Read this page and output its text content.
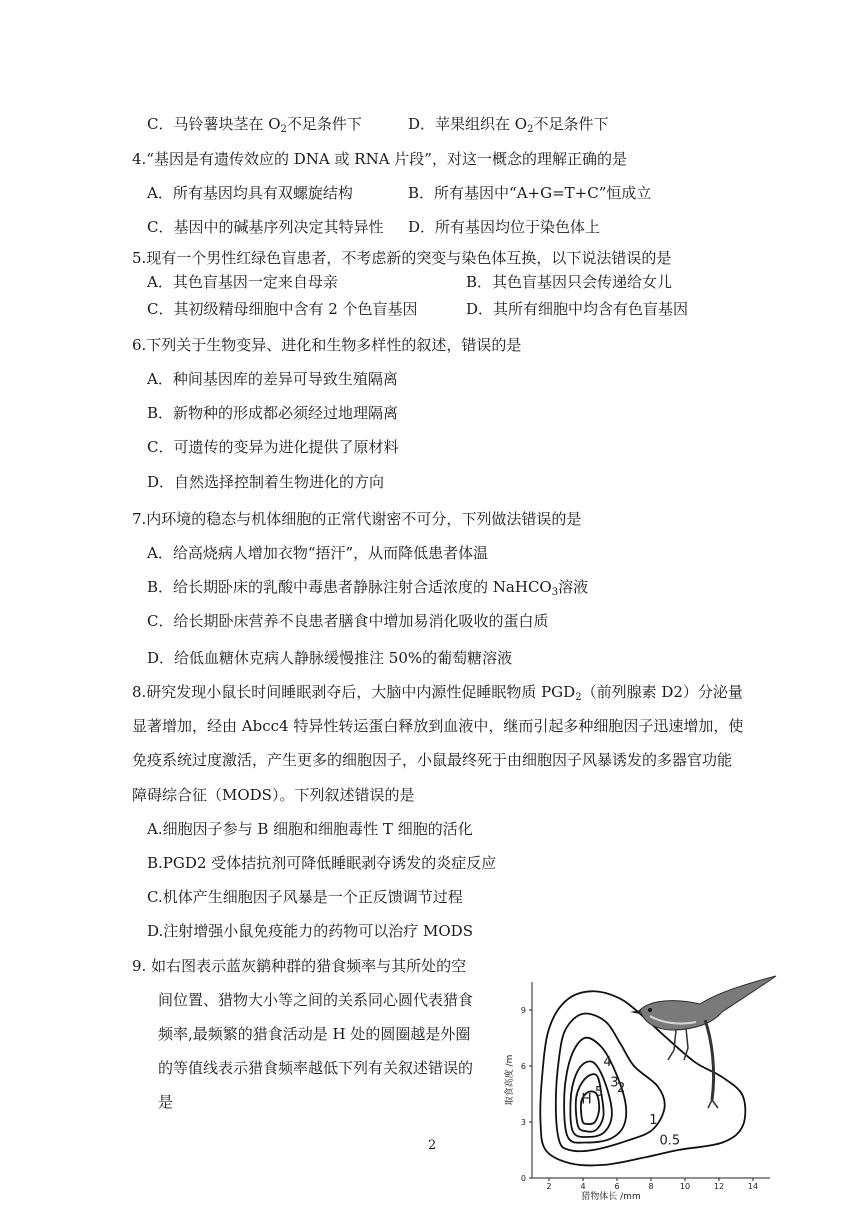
C．马铃薯块茎在 $O_2$不足条件下	D．苹果组织在 $O_2$不足条件下
4.“基因是有遗传效应的 DNA 或 RNA 片段”，对这一概念的理解正确的是
A．所有基因均具有双螺旋结构	B．所有基因中“A+G=T+C”恒成立
C．基因中的碱基序列决定其特异性 D．所有基因均位于染色体上
5.现有一个男性红绿色盲患者，不考虑新的突变与染色体互换，以下说法错误的是
A．其色盲基因一定来自母亲	B．其色盲基因只会传递给女儿
C．其初级精母细胞中含有 2 个色盲基因	D．其所有细胞中均含有色盲基因
6.下列关于生物变异、进化和生物多样性的叙述，错误的是
A．种间基因库的差异可导致生殖隔离
B．新物种的形成都必须经过地理隔离
C．可遗传的变异为进化提供了原材料
D．自然选择控制着生物进化的方向
7.内环境的稳态与机体细胞的正常代谢密不可分，下列做法错误的是
A．给高烧病人增加衣物“捂汗”，从而降低患者体温
B．给长期卧床的乳酸中毒患者静脉注射合适浓度的 NaHCO$_3$溶液
C．给长期卧床营养不良患者膳食中增加易消化吸收的蛋白质
D．给低血糖休克病人静脉缓慢推注 50%的葡萄糖溶液
8.研究发现小鼠长时间睡眠剥夺后，大脑中内源性促睡眠物质 $PGD_2$（前列腺素 D2）分泌量
显著增加，经由 Abcc4 特异性转运蛋白释放到血液中，继而引起多种细胞因子迅速增加，使
免疫系统过度激活，产生更多的细胞因子，小鼠最终死于由细胞因子风暴诱发的多器官功能
障碍综合征（MODS）。下列叙述错误的是
A.细胞因子参与 B 细胞和细胞毒性 T 细胞的活化
B.PGD2 受体拮抗剂可降低睡眠剥夺诱发的炎症反应
C.机体产生细胞因子风暴是一个正反馈调节过程
D.注射增强小鼠免疫能力的药物可以治疗 MODS
9. 如右图表示蓝灰鹟种群的猎食频率与其所处的空
间位置、猎物大小等之间的关系同心圆代表猎食
频率,最频繁的猎食活动是 H 处的圆圈越是外圈
的等值线表示猎食频率越低下列有关叙述错误的
是
2
2	4	6	8	10	12	14
0
3
6
9
猎物体长 /mm
取食高度 /m
0.5
1
2
3
4
5
H
